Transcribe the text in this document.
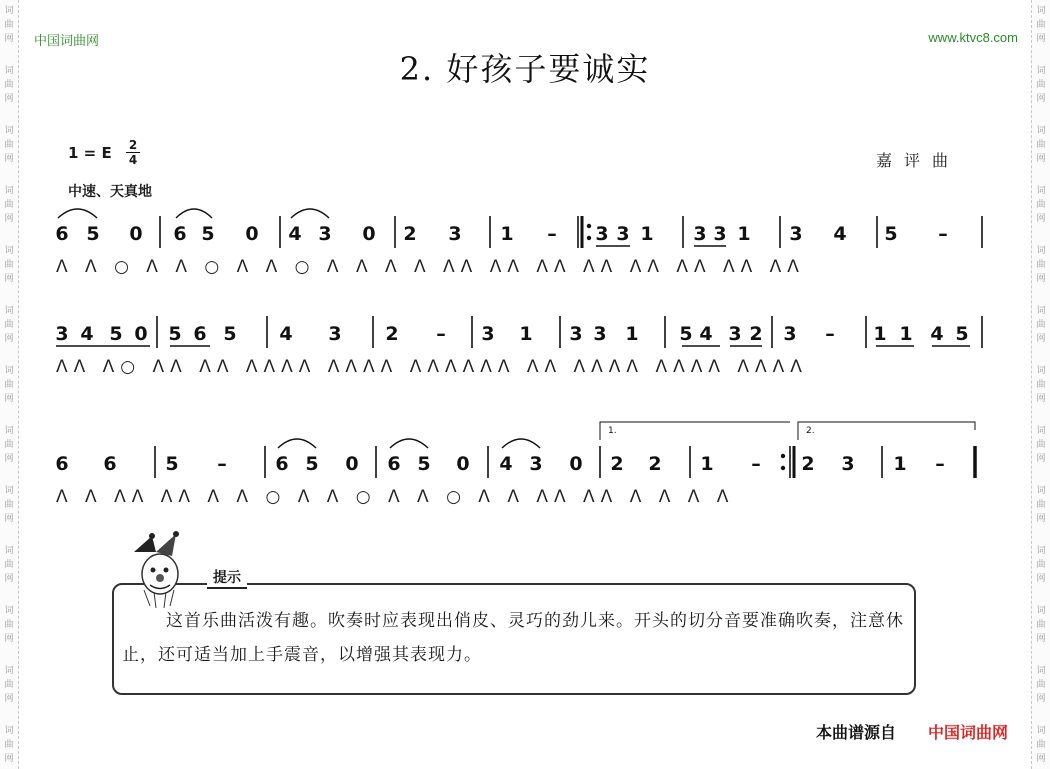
词
曲
网
词
曲
网
词
曲
网
词
曲
网
词
曲
网
词
曲
网
词
曲
网
词
曲
网
词
曲
网
词
曲
网
词
曲
网
词
曲
网
词
曲
网
词
曲
网
词
曲
网
词
曲
网
词
曲
网
词
曲
网
词
曲
网
词
曲
网
词
曲
网
词
曲
网
词
曲
网
词
曲
网
词
曲
网
词
曲
网
中国词曲网	www.ktvc8.com
2. 好孩子要诚实
1 = E 2
4	嘉评曲
中速、天真地
6 5 0 6 5 0 4 3 0 2 3 1 – 3 3 1 3 3 1 3 4 5 –
Λ Λ ○ Λ Λ ○ Λ Λ ○ Λ Λ Λ Λ ΛΛ ΛΛ ΛΛ ΛΛ ΛΛ ΛΛ ΛΛ ΛΛ
3 4 5 0 5 6 5 4 3 2 – 3 1 3 3 1 5 4 3 2 3 – 1 1 4 5
ΛΛ Λ○ ΛΛ ΛΛ ΛΛΛΛ ΛΛΛΛ ΛΛΛΛΛΛ ΛΛ ΛΛΛΛ ΛΛΛΛ ΛΛΛΛ
6 6	5 –	6 5 0 6 5 0 4 3 0 2 2 1 – 2 3 1 –
1.	2.
Λ Λ ΛΛ ΛΛ Λ Λ ○ Λ Λ ○ Λ Λ ○ Λ Λ ΛΛ ΛΛ Λ Λ Λ Λ
这首乐曲活泼有趣。吹奏时应表现出俏皮、灵巧的劲儿来。开头的切分音要准确吹奏，注意休止，还可适当加上手震音，以增强其表现力。
提示
本曲谱源自 中国词曲网
